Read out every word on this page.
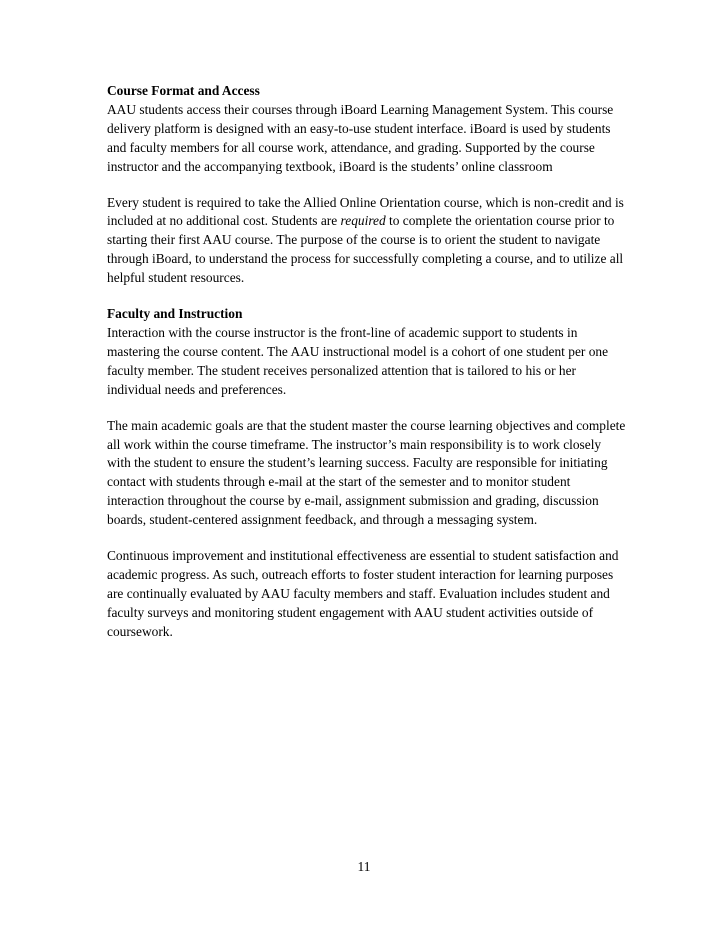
Course Format and Access

AAU students access their courses through iBoard Learning Management System. This course delivery platform is designed with an easy-to-use student interface. iBoard is used by students and faculty members for all course work, attendance, and grading. Supported by the course instructor and the accompanying textbook, iBoard is the students’ online classroom

Every student is required to take the Allied Online Orientation course, which is non-credit and is included at no additional cost. Students are required to complete the orientation course prior to starting their first AAU course. The purpose of the course is to orient the student to navigate through iBoard, to understand the process for successfully completing a course, and to utilize all helpful student resources.

Faculty and Instruction

Interaction with the course instructor is the front-line of academic support to students in mastering the course content. The AAU instructional model is a cohort of one student per one faculty member. The student receives personalized attention that is tailored to his or her individual needs and preferences.

The main academic goals are that the student master the course learning objectives and complete all work within the course timeframe. The instructor’s main responsibility is to work closely with the student to ensure the student’s learning success. Faculty are responsible for initiating contact with students through e-mail at the start of the semester and to monitor student interaction throughout the course by e-mail, assignment submission and grading, discussion boards, student-centered assignment feedback, and through a messaging system.

Continuous improvement and institutional effectiveness are essential to student satisfaction and academic progress. As such, outreach efforts to foster student interaction for learning purposes are continually evaluated by AAU faculty members and staff. Evaluation includes student and faculty surveys and monitoring student engagement with AAU student activities outside of coursework.

11
